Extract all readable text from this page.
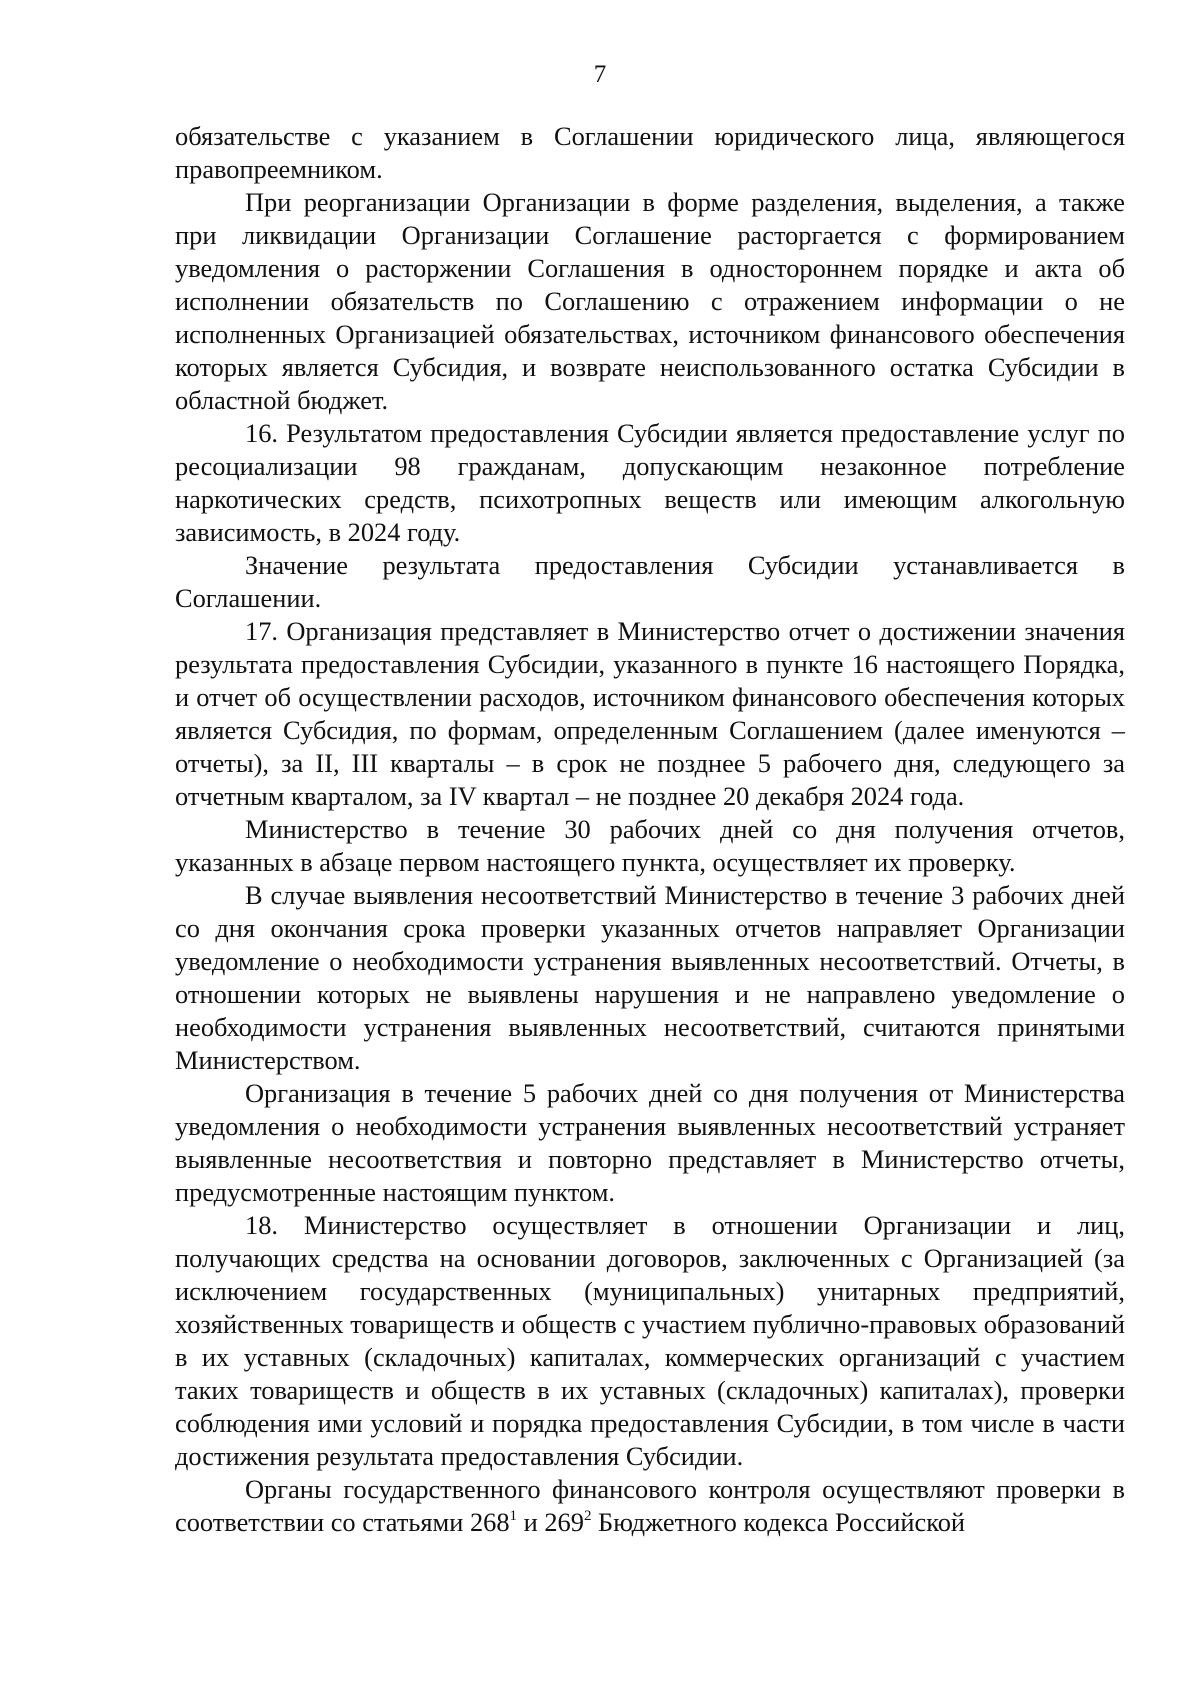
7

обязательстве с указанием в Соглашении юридического лица, являющегося правопреемником.

При реорганизации Организации в форме разделения, выделения, а также при ликвидации Организации Соглашение расторгается с формированием уведомления о расторжении Соглашения в одностороннем порядке и акта об исполнении обязательств по Соглашению с отражением информации о не исполненных Организацией обязательствах, источником финансового обеспечения которых является Субсидия, и возврате неиспользованного остатка Субсидии в областной бюджет.

16. Результатом предоставления Субсидии является предоставление услуг по ресоциализации 98 гражданам, допускающим незаконное потребление наркотических средств, психотропных веществ или имеющим алкогольную зависимость, в 2024 году.

Значение результата предоставления Субсидии устанавливается в Соглашении.

17. Организация представляет в Министерство отчет о достижении значения результата предоставления Субсидии, указанного в пункте 16 настоящего Порядка, и отчет об осуществлении расходов, источником финансового обеспечения которых является Субсидия, по формам, определенным Соглашением (далее именуются – отчеты), за II, III кварталы – в срок не позднее 5 рабочего дня, следующего за отчетным кварталом, за IV квартал – не позднее 20 декабря 2024 года.

Министерство в течение 30 рабочих дней со дня получения отчетов, указанных в абзаце первом настоящего пункта, осуществляет их проверку.

В случае выявления несоответствий Министерство в течение 3 рабочих дней со дня окончания срока проверки указанных отчетов направляет Организации уведомление о необходимости устранения выявленных несоответствий. Отчеты, в отношении которых не выявлены нарушения и не направлено уведомление о необходимости устранения выявленных несоответствий, считаются принятыми Министерством.

Организация в течение 5 рабочих дней со дня получения от Министерства уведомления о необходимости устранения выявленных несоответствий устраняет выявленные несоответствия и повторно представляет в Министерство отчеты, предусмотренные настоящим пунктом.

18. Министерство осуществляет в отношении Организации и лиц, получающих средства на основании договоров, заключенных с Организацией (за исключением государственных (муниципальных) унитарных предприятий, хозяйственных товариществ и обществ с участием публично-правовых образований в их уставных (складочных) капиталах, коммерческих организаций с участием таких товариществ и обществ в их уставных (складочных) капиталах), проверки соблюдения ими условий и порядка предоставления Субсидии, в том числе в части достижения результата предоставления Субсидии.

Органы государственного финансового контроля осуществляют проверки в соответствии со статьями $268^1$ и $269^2$ Бюджетного кодекса Российской
